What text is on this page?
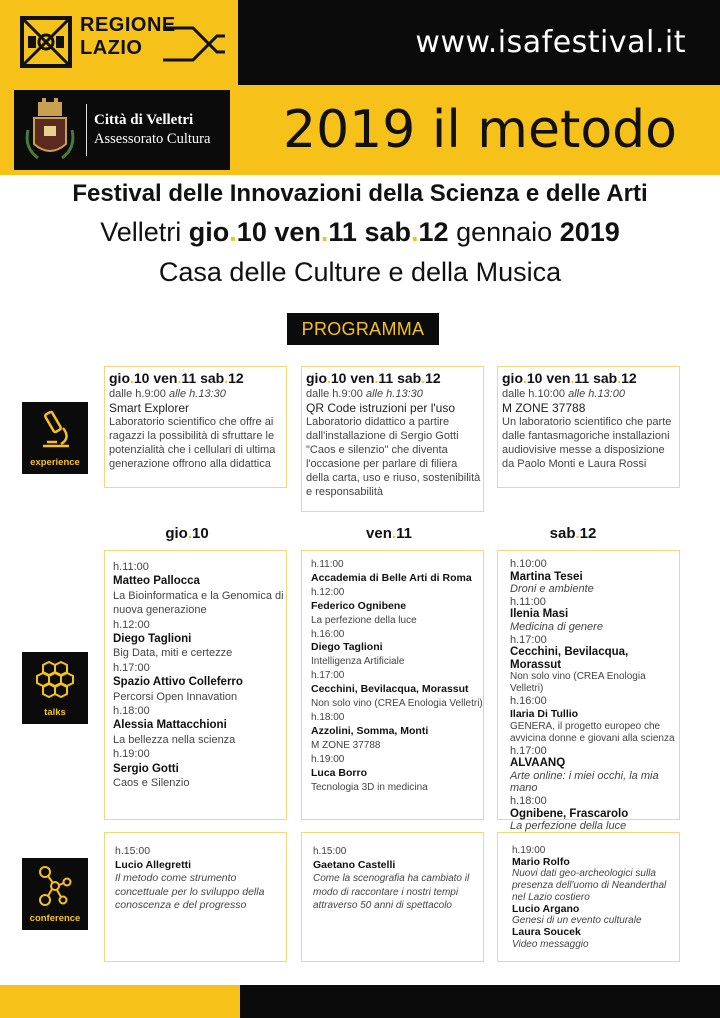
www.isafestival.it
REGIONE
LAZIO
Città di Velletri
Assessorato Cultura	2019 il metodo
Festival delle Innovazioni della Scienza e delle Arti
Velletri gio.10 ven.11 sab.12 gennaio 2019
Casa delle Culture e della Musica
PROGRAMMA
experience
gio.10 ven.11 sab.12
dalle h.9:00 alle h.13:30
Smart Explorer
Laboratorio scientifico che offre ai ragazzi la possibilità di sfruttare le potenzialità che i cellulari di ultima generazione offrono alla didattica
gio.10 ven.11 sab.12
dalle h.9:00 alle h.13:30
QR Code istruzioni per l'uso
Laboratorio didattico a partire dall'installazione di Sergio Gotti "Caos e silenzio" che diventa l'occasione per parlare di filiera della carta, uso e riuso, sostenibilità e responsabilità
gio.10 ven.11 sab.12
dalle h.10:00 alle h.13:00
M ZONE 37788
Un laboratorio scientifico che parte dalle fantasmagoriche installazioni audiovisive messe a disposizione da Paolo Monti e Laura Rossi
gio.10	ven.11	sab.12
talks
h.11:00
Matteo Pallocca
La Bioinformatica e la Genomica di nuova generazione
h.12:00
Diego Taglioni
Big Data, miti e certezze
h.17:00
Spazio Attivo Colleferro
Percorsi Open Innavation
h.18:00
Alessia Mattacchioni
La bellezza nella scienza
h.19:00
Sergio Gotti
Caos e Silenzio
h.11:00
Accademia di Belle Arti di Roma
h.12:00
Federico Ognibene
La perfezione della luce
h.16:00
Diego Taglioni
Intelligenza Artificiale
h.17:00
Cecchini, Bevilacqua, Morassut
Non solo vino (CREA Enologia Velletri)
h.18:00
Azzolini, Somma, Monti
M ZONE 37788
h.19:00
Luca Borro
Tecnologia 3D in medicina
h.10:00
Martina Tesei
Droni e ambiente
h.11:00
Ilenia Masi
Medicina di genere
h.17:00
Cecchini, Bevilacqua, Morassut
Non solo vino (CREA Enologia Velletri)
h.16:00
Ilaria Di Tullio
GENERA, il progetto europeo che avvicina donne e giovani alla scienza
h.17:00
ALVAANQ
Arte online: i miei occhi, la mia mano
h.18:00
Ognibene, Frascarolo
La perfezione della luce
conference
h.15:00
Lucio Allegretti
Il metodo come strumento concettuale per lo sviluppo della conoscenza e del progresso
h.15:00
Gaetano Castelli
Come la scenografia ha cambiato il modo di raccontare i nostri tempi attraverso 50 anni di spettacolo
h.19:00
Mario Rolfo
Nuovi dati geo-archeologici sulla presenza dell'uomo di Neanderthal nel Lazio costiero
Lucio Argano
Genesi di un evento culturale
Laura Soucek
Video messaggio
